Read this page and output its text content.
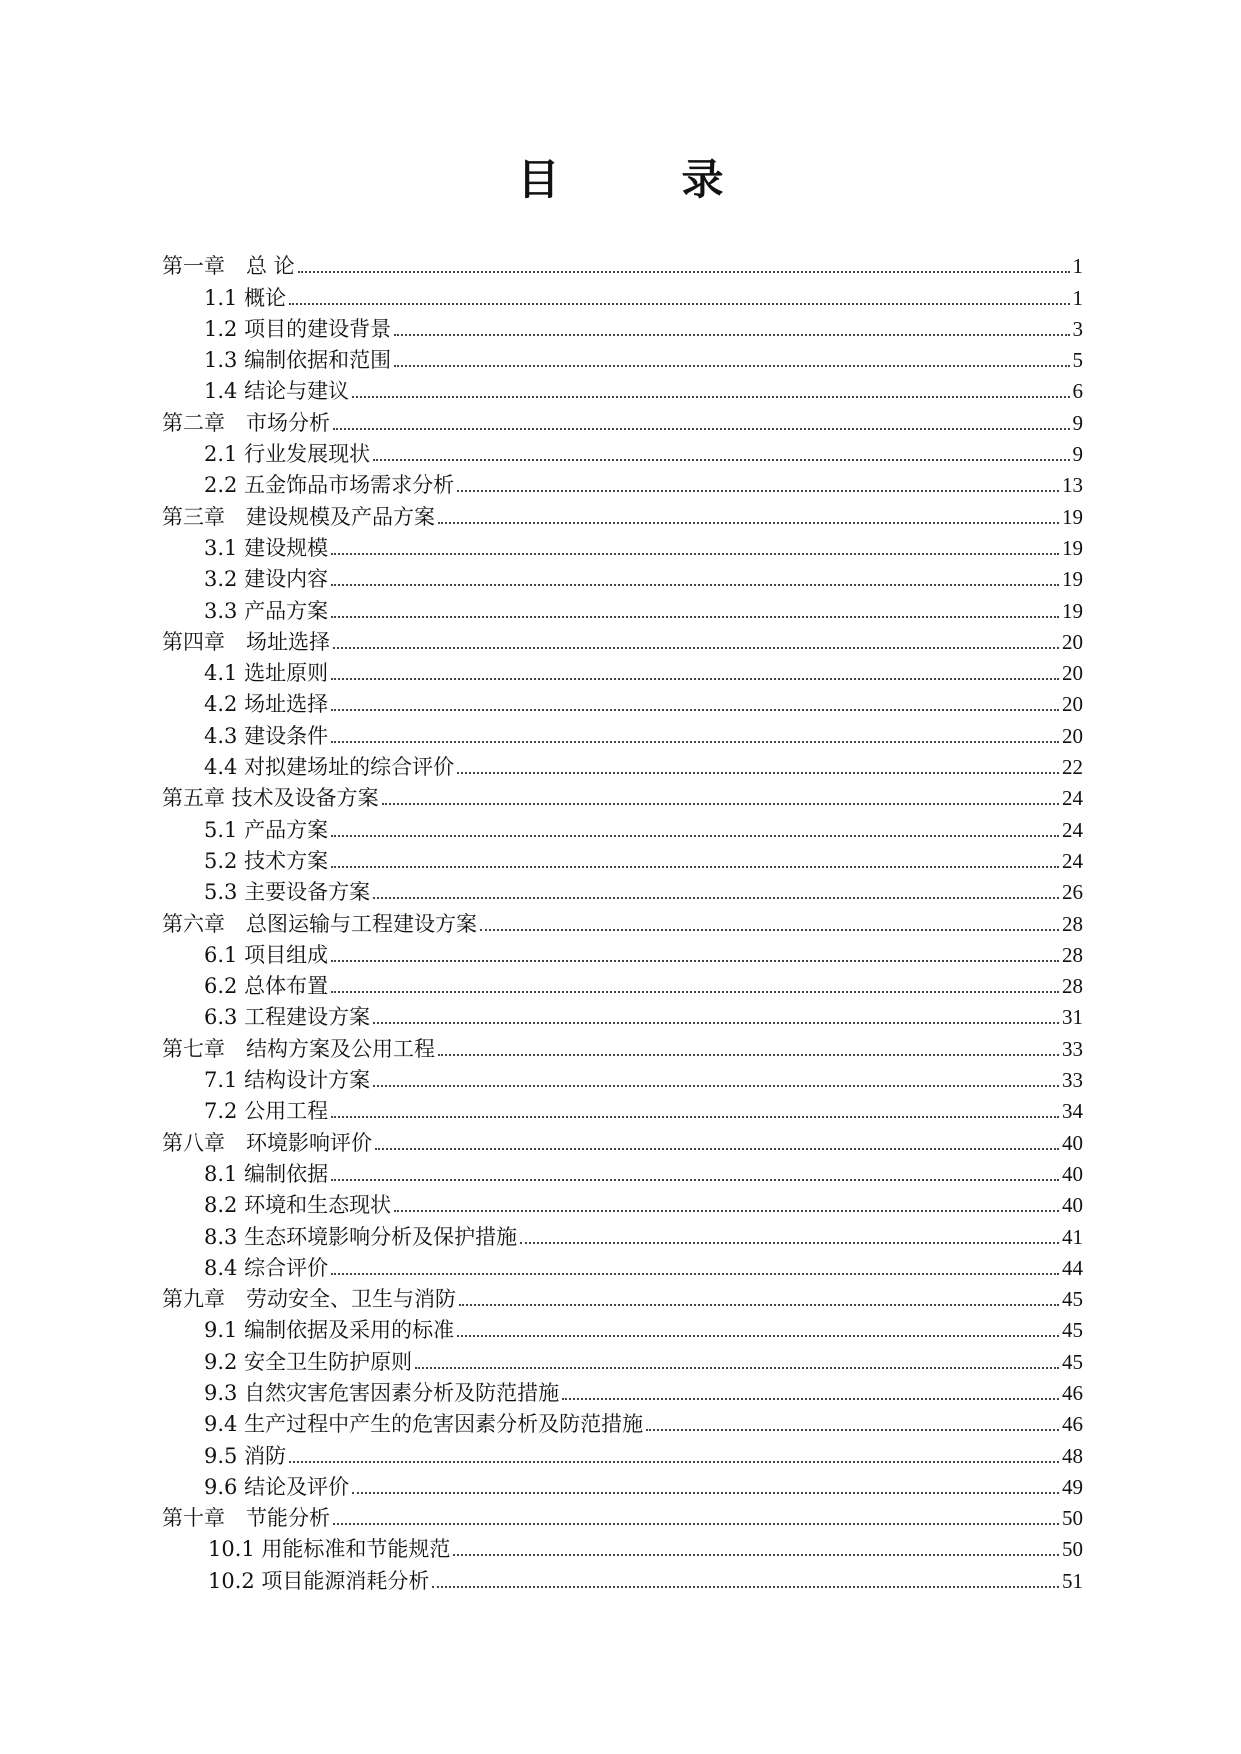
目　录
第一章　总 论	1
1.1 概论	1
1.2 项目的建设背景	3
1.3 编制依据和范围	5
1.4 结论与建议	6
第二章　市场分析	9
2.1 行业发展现状	9
2.2 五金饰品市场需求分析	13
第三章　建设规模及产品方案	19
3.1 建设规模	19
3.2 建设内容	19
3.3 产品方案	19
第四章　场址选择	20
4.1 选址原则	20
4.2 场址选择	20
4.3 建设条件	20
4.4 对拟建场址的综合评价	22
第五章 技术及设备方案	24
5.1 产品方案	24
5.2 技术方案	24
5.3 主要设备方案	26
第六章　总图运输与工程建设方案	28
6.1 项目组成	28
6.2 总体布置	28
6.3 工程建设方案	31
第七章　结构方案及公用工程	33
7.1 结构设计方案	33
7.2 公用工程	34
第八章　环境影响评价	40
8.1 编制依据	40
8.2 环境和生态现状	40
8.3 生态环境影响分析及保护措施	41
8.4 综合评价	44
第九章　劳动安全、卫生与消防	45
9.1 编制依据及采用的标准	45
9.2 安全卫生防护原则	45
9.3 自然灾害危害因素分析及防范措施	46
9.4 生产过程中产生的危害因素分析及防范措施	46
9.5 消防	48
9.6 结论及评价	49
第十章　节能分析	50
10.1 用能标准和节能规范	50
10.2 项目能源消耗分析	51
